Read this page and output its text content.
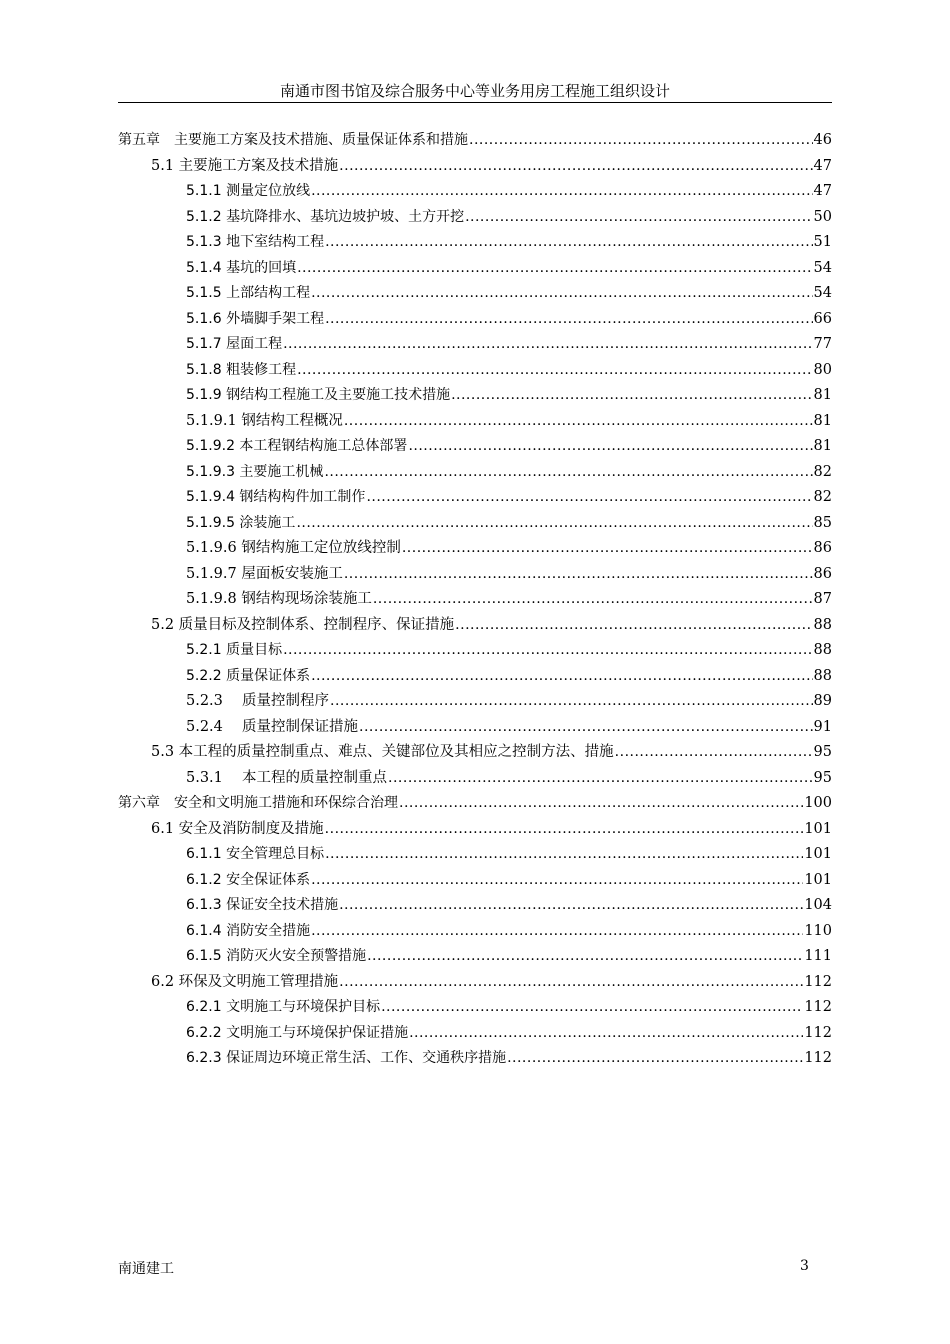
南通市图书馆及综合服务中心等业务用房工程施工组织设计
第五章　主要施工方案及技术措施、质量保证体系和措施 .....	46
5.1 主要施工方案及技术措施 .....	47
5.1.1 测量定位放线 .....	47
5.1.2 基坑降排水、基坑边坡护坡、土方开挖 .....	50
5.1.3 地下室结构工程 .....	51
5.1.4 基坑的回填 .....	54
5.1.5 上部结构工程 .....	54
5.1.6 外墙脚手架工程 .....	66
5.1.7 屋面工程 .....	77
5.1.8 粗装修工程 .....	80
5.1.9 钢结构工程施工及主要施工技术措施 .....	81
5.1.9.1 钢结构工程概况 .....	81
5.1.9.2 本工程钢结构施工总体部署 .....	81
5.1.9.3 主要施工机械 .....	82
5.1.9.4 钢结构构件加工制作 .....	82
5.1.9.5 涂装施工 .....	85
5.1.9.6 钢结构施工定位放线控制 .....	86
5.1.9.7 屋面板安装施工 .....	86
5.1.9.8 钢结构现场涂装施工 .....	87
5.2 质量目标及控制体系、控制程序、保证措施 .....	88
5.2.1 质量目标 .....	88
5.2.2 质量保证体系 .....	88
5.2.3　 质量控制程序 .....	89
5.2.4　 质量控制保证措施 .....	91
5.3 本工程的质量控制重点、难点、关键部位及其相应之控制方法、措施 .....	95
5.3.1　 本工程的质量控制重点 .....	95
第六章　安全和文明施工措施和环保综合治理 .....	100
6.1 安全及消防制度及措施 .....	101
6.1.1 安全管理总目标 .....	101
6.1.2 安全保证体系 .....	101
6.1.3 保证安全技术措施 .....	104
6.1.4 消防安全措施 .....	110
6.1.5 消防灭火安全预警措施 .....	111
6.2 环保及文明施工管理措施 .....	112
6.2.1 文明施工与环境保护目标 .....	112
6.2.2 文明施工与环境保护保证措施 .....	112
6.2.3 保证周边环境正常生活、工作、交通秩序措施 .....	112
南通建工	3
